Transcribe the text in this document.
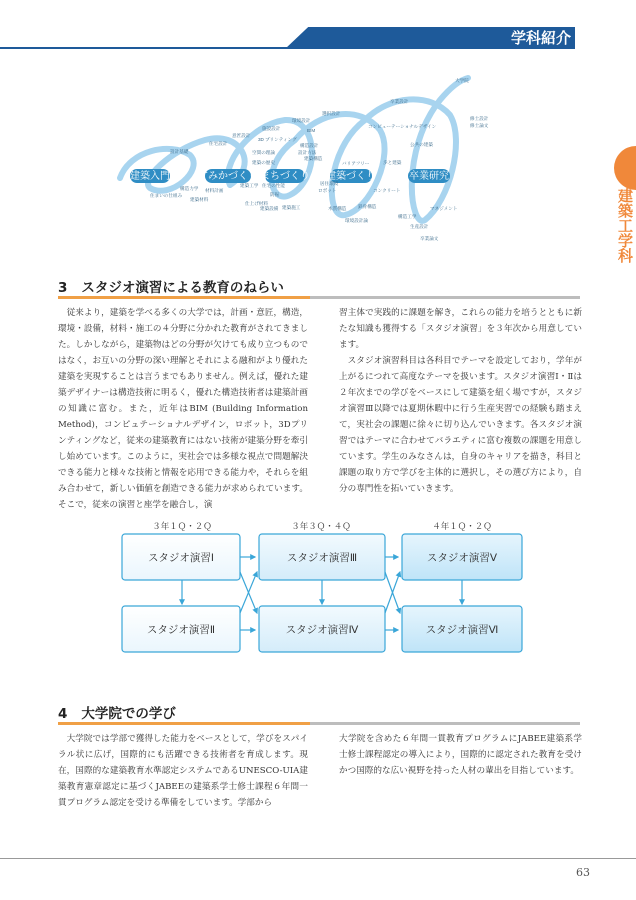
学科紹介
建築工学科
建築入門	すみかづくり まちづくり 建築づくり	卒業研究
大学院
卒業設計
修士設計
修士論文
選択設計
コンピューテーショナルデザイン
環境設計
施設設計	BIM
構造設計
意匠設計
3D プリンティング
設計方法
公共の建築
住宅設計
バリアフリー	歩と建築
設計基礎	空間の理論
建築の歴史
建築構造
住まいの仕組み
構造力学 材料計画
建築材料
建築工学 住宅の性能
仕上げ材料
防振
建築施工
居住環境
ロボット	コンクリート
マネジメント
木質構造	鉄骨構造
構造工学
環境設計論
建築設備
生産設計
卒業論文
3 スタジオ演習による教育のねらい

従来より，建築を学べる多くの大学では，計画・意匠，構造，環境・設備，材料・施工の４分野に分かれた教育がされてきました。しかしながら，建築物はどの分野が欠けても成り立つものではなく，お互いの分野の深い理解とそれによる融和がより優れた建築を実現することは言うまでもありません。例えば，優れた建築デザイナーは構造技術に明るく，優れた構造技術者は建築計画の知識に富む。また，近年はBIM (Building Information Method)，コンピュテーショナルデザイン，ロボット，3Dプリンティングなど，従来の建築教育にはない技術が建築分野を牽引し始めています。このように，実社会では多様な視点で問題解決できる能力と様々な技術と情報を応用できる能力や，それらを組み合わせて，新しい価値を創造できる能力が求められています。そこで，従来の演習と座学を融合し，演

習主体で実践的に課題を解き，これらの能力を培うとともに新たな知識も獲得する「スタジオ演習」を３年次から用意しています。

スタジオ演習科目は各科目でテーマを設定しており，学年が上がるにつれて高度なテーマを扱います。スタジオ演習Ⅰ・Ⅱは２年次までの学びをベースにして建築を紐く場ですが，スタジオ演習Ⅲ以降では夏期休暇中に行う生産実習での経験も踏まえて，実社会の課題に徐々に切り込んでいきます。各スタジオ演習ではテーマに合わせてバラエティに富む複数の課題を用意しています。学生のみなさんは，自身のキャリアを描き，科目と課題の取り方で学びを主体的に選択し，その選び方により，自分の専門性を拓いていきます。

３年１Ｑ・２Ｑ	３年３Ｑ・４Ｑ	４年１Ｑ・２Ｑ
スタジオ演習Ⅰ	スタジオ演習Ⅲ	スタジオ演習Ⅴ
スタジオ演習Ⅱ	スタジオ演習Ⅳ	スタジオ演習Ⅵ
4 大学院での学び

大学院では学部で獲得した能力をベースとして，学びをスパイラル状に広げ，国際的にも活躍できる技術者を育成します。現在，国際的な建築教育水準認定システムであるUNESCO-UIA建築教育憲章認定に基づくJABEEの建築系学士修士課程６年間一貫プログラム認定を受ける準備をしています。学部から

大学院を含めた６年間一貫教育プログラムにJABEE建築系学士修士課程認定の導入により，国際的に認定された教育を受けかつ国際的な広い視野を持った人材の輩出を目指しています。

63
